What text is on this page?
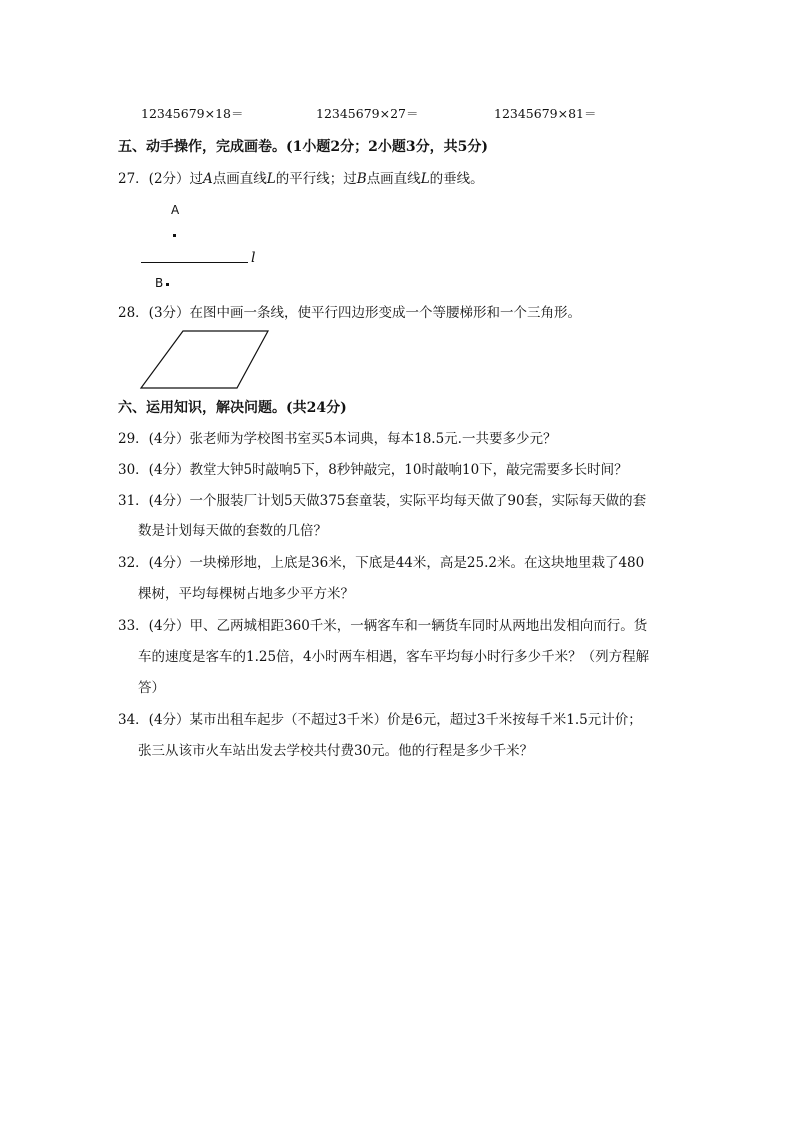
12345679×18＝	12345679×27＝	12345679×81＝
五、动手操作，完成画卷。(1小题2分；2小题3分，共5分)
27．(2分）过A点画直线L的平行线；过B点画直线L的垂线。
A
l
B
28．(3分）在图中画一条线，使平行四边形变成一个等腰梯形和一个三角形。
六、运用知识，解决问题。(共24分)
29．(4分）张老师为学校图书室买5本词典，每本18.5元.一共要多少元？
30．(4分）教堂大钟5时敲响5下，8秒钟敲完，10时敲响10下，敲完需要多长时间？
31．(4分）一个服装厂计划5天做375套童装，实际平均每天做了90套，实际每天做的套
数是计划每天做的套数的几倍？
32．(4分）一块梯形地，上底是36米，下底是44米，高是25.2米。在这块地里栽了480
棵树，平均每棵树占地多少平方米？
33．(4分）甲、乙两城相距360千米，一辆客车和一辆货车同时从两地出发相向而行。货
车的速度是客车的1.25倍，4小时两车相遇，客车平均每小时行多少千米？（列方程解
答）
34．(4分）某市出租车起步（不超过3千米）价是6元，超过3千米按每千米1.5元计价；
张三从该市火车站出发去学校共付费30元。他的行程是多少千米？
